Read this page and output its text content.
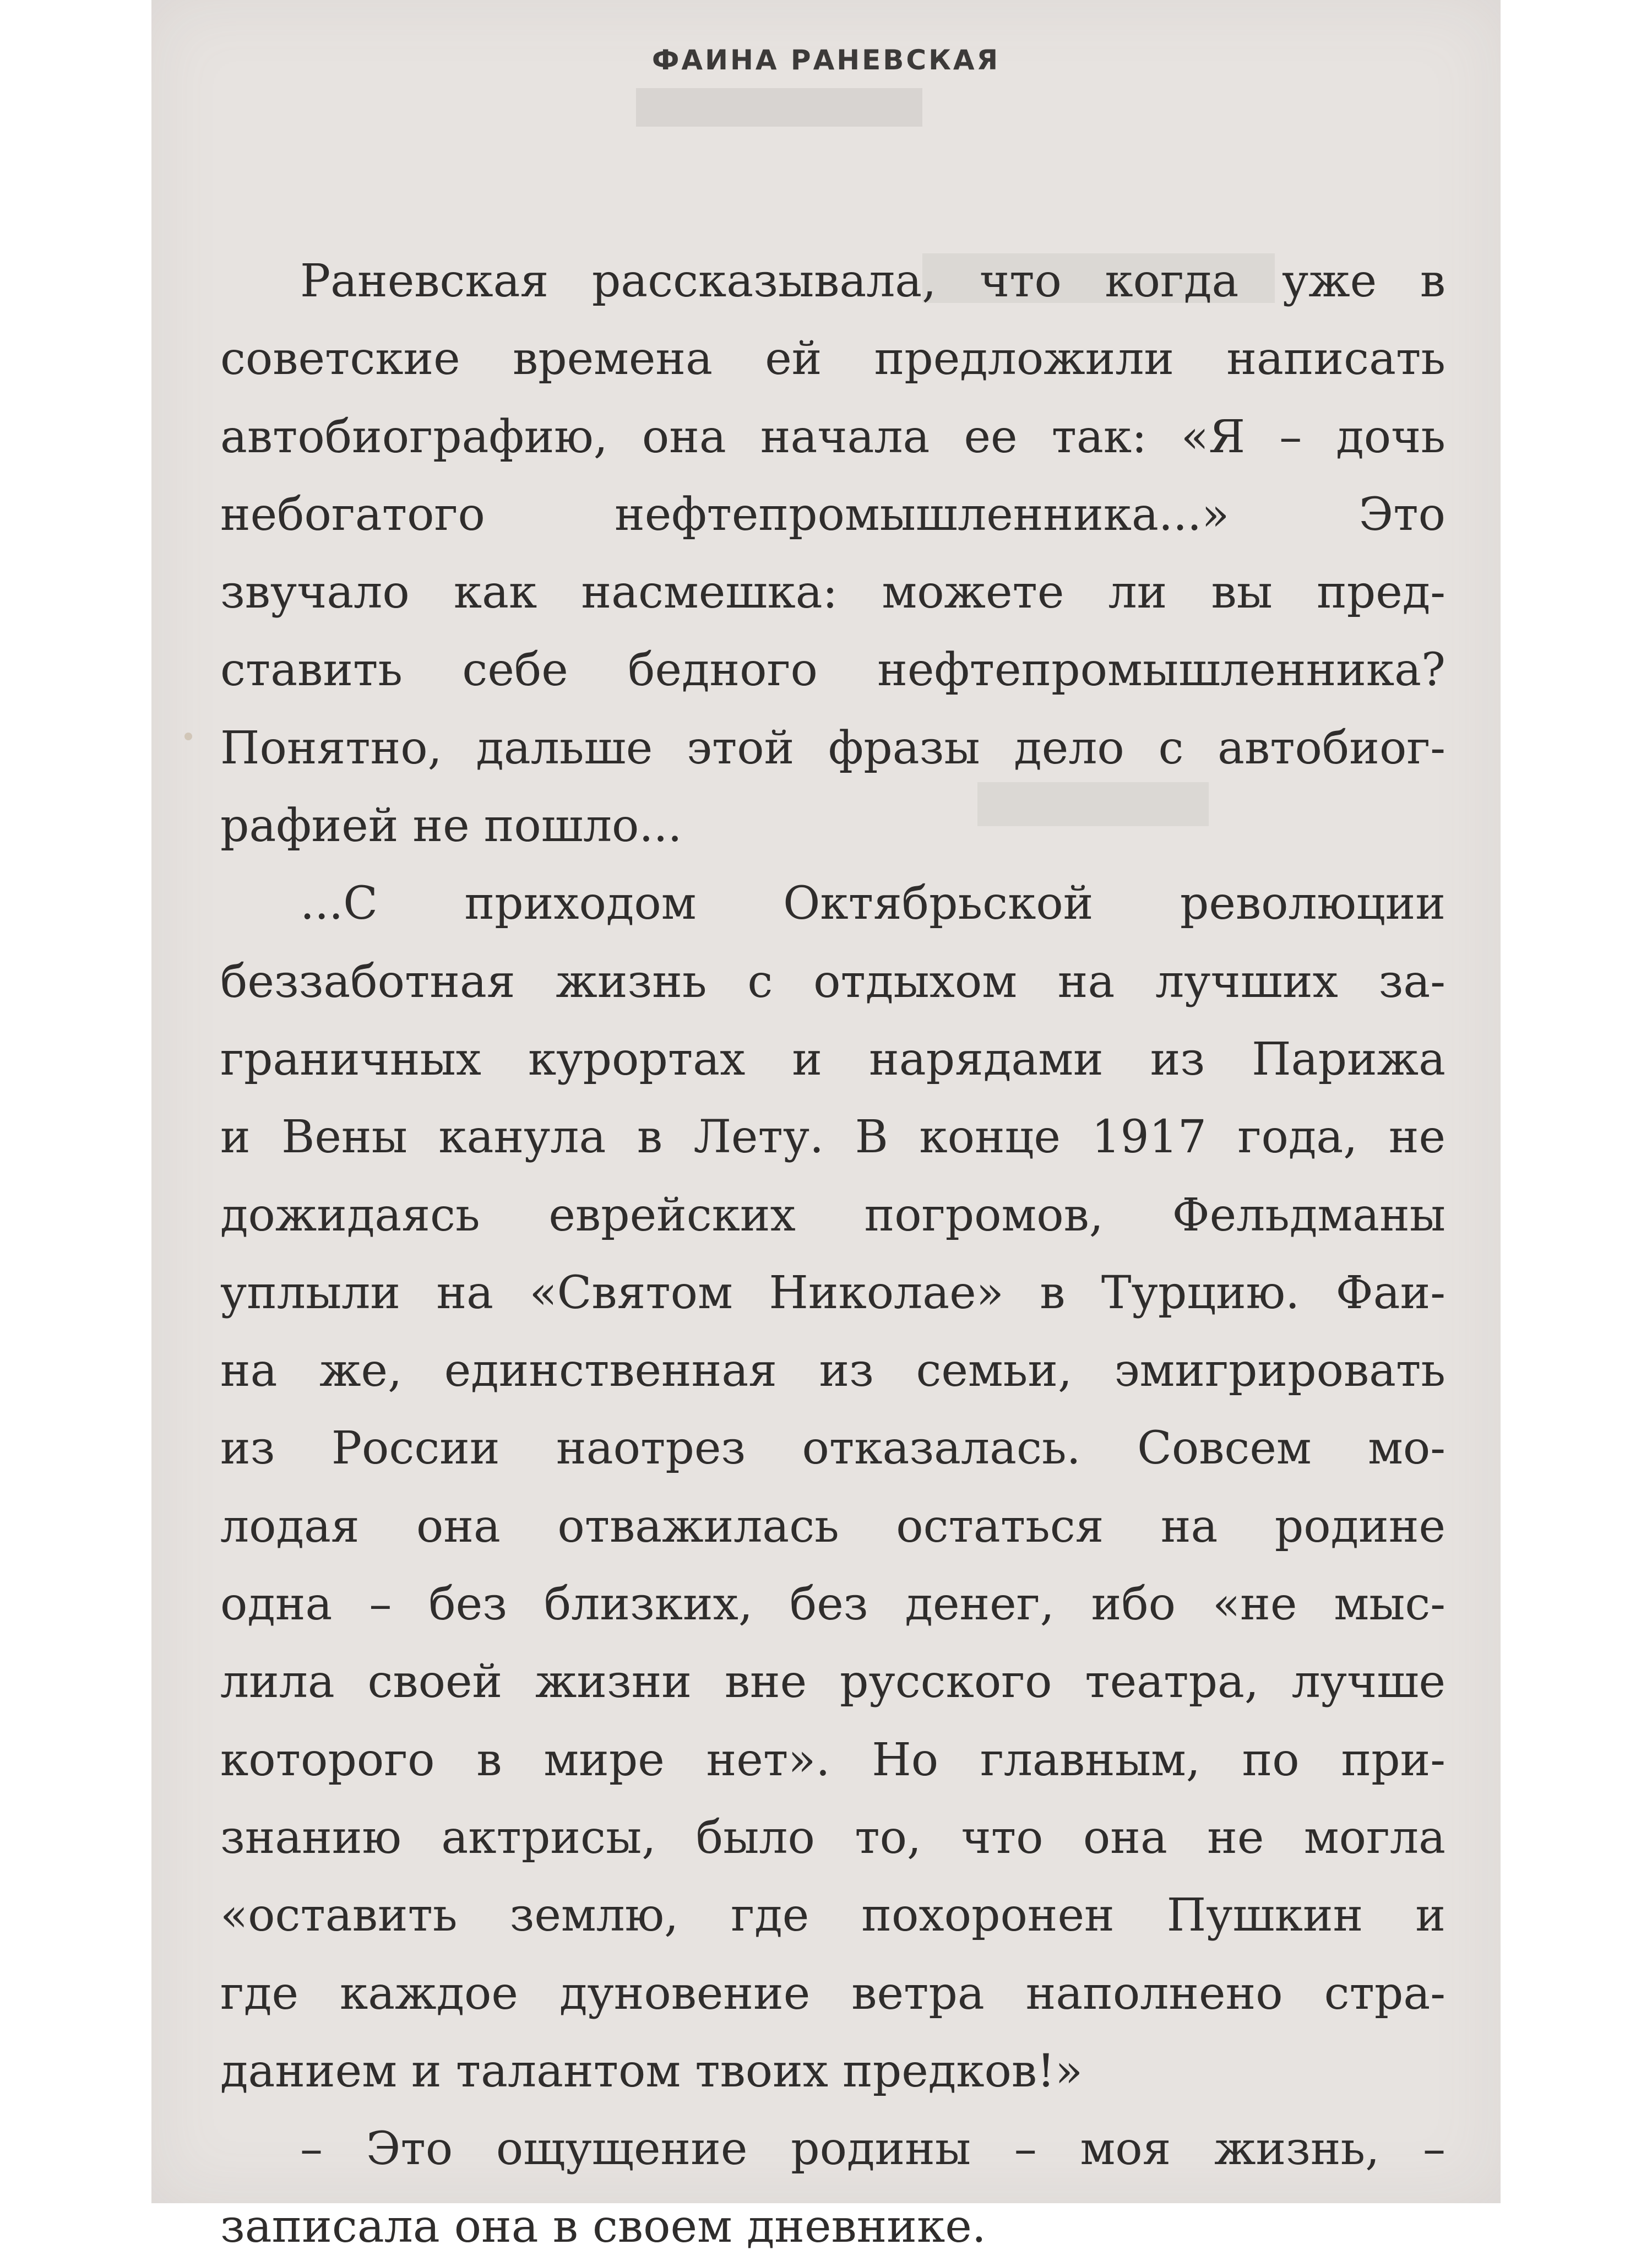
ФАИНА РАНЕВСКАЯ
Раневская рассказывала, что когда уже в
советские времена ей предложили написать
автобиографию, она начала ее так: «Я – дочь
небогатого нефтепромышленника...» Это
звучало как насмешка: можете ли вы пред-
ставить себе бедного нефтепромышленника?
Понятно, дальше этой фразы дело с автобиог-
рафией не пошло...
...С приходом Октябрьской революции
беззаботная жизнь с отдыхом на лучших за-
граничных курортах и нарядами из Парижа
и Вены канула в Лету. В конце 1917 года, не
дожидаясь еврейских погромов, Фельдманы
уплыли на «Святом Николае» в Турцию. Фаи-
на же, единственная из семьи, эмигрировать
из России наотрез отказалась. Совсем мо-
лодая она отважилась остаться на родине
одна – без близких, без денег, ибо «не мыс-
лила своей жизни вне русского театра, лучше
которого в мире нет». Но главным, по при-
знанию актрисы, было то, что она не могла
«оставить землю, где похоронен Пушкин и
где каждое дуновение ветра наполнено стра-
данием и талантом твоих предков!»
– Это ощущение родины – моя жизнь, –
записала она в своем дневнике.
